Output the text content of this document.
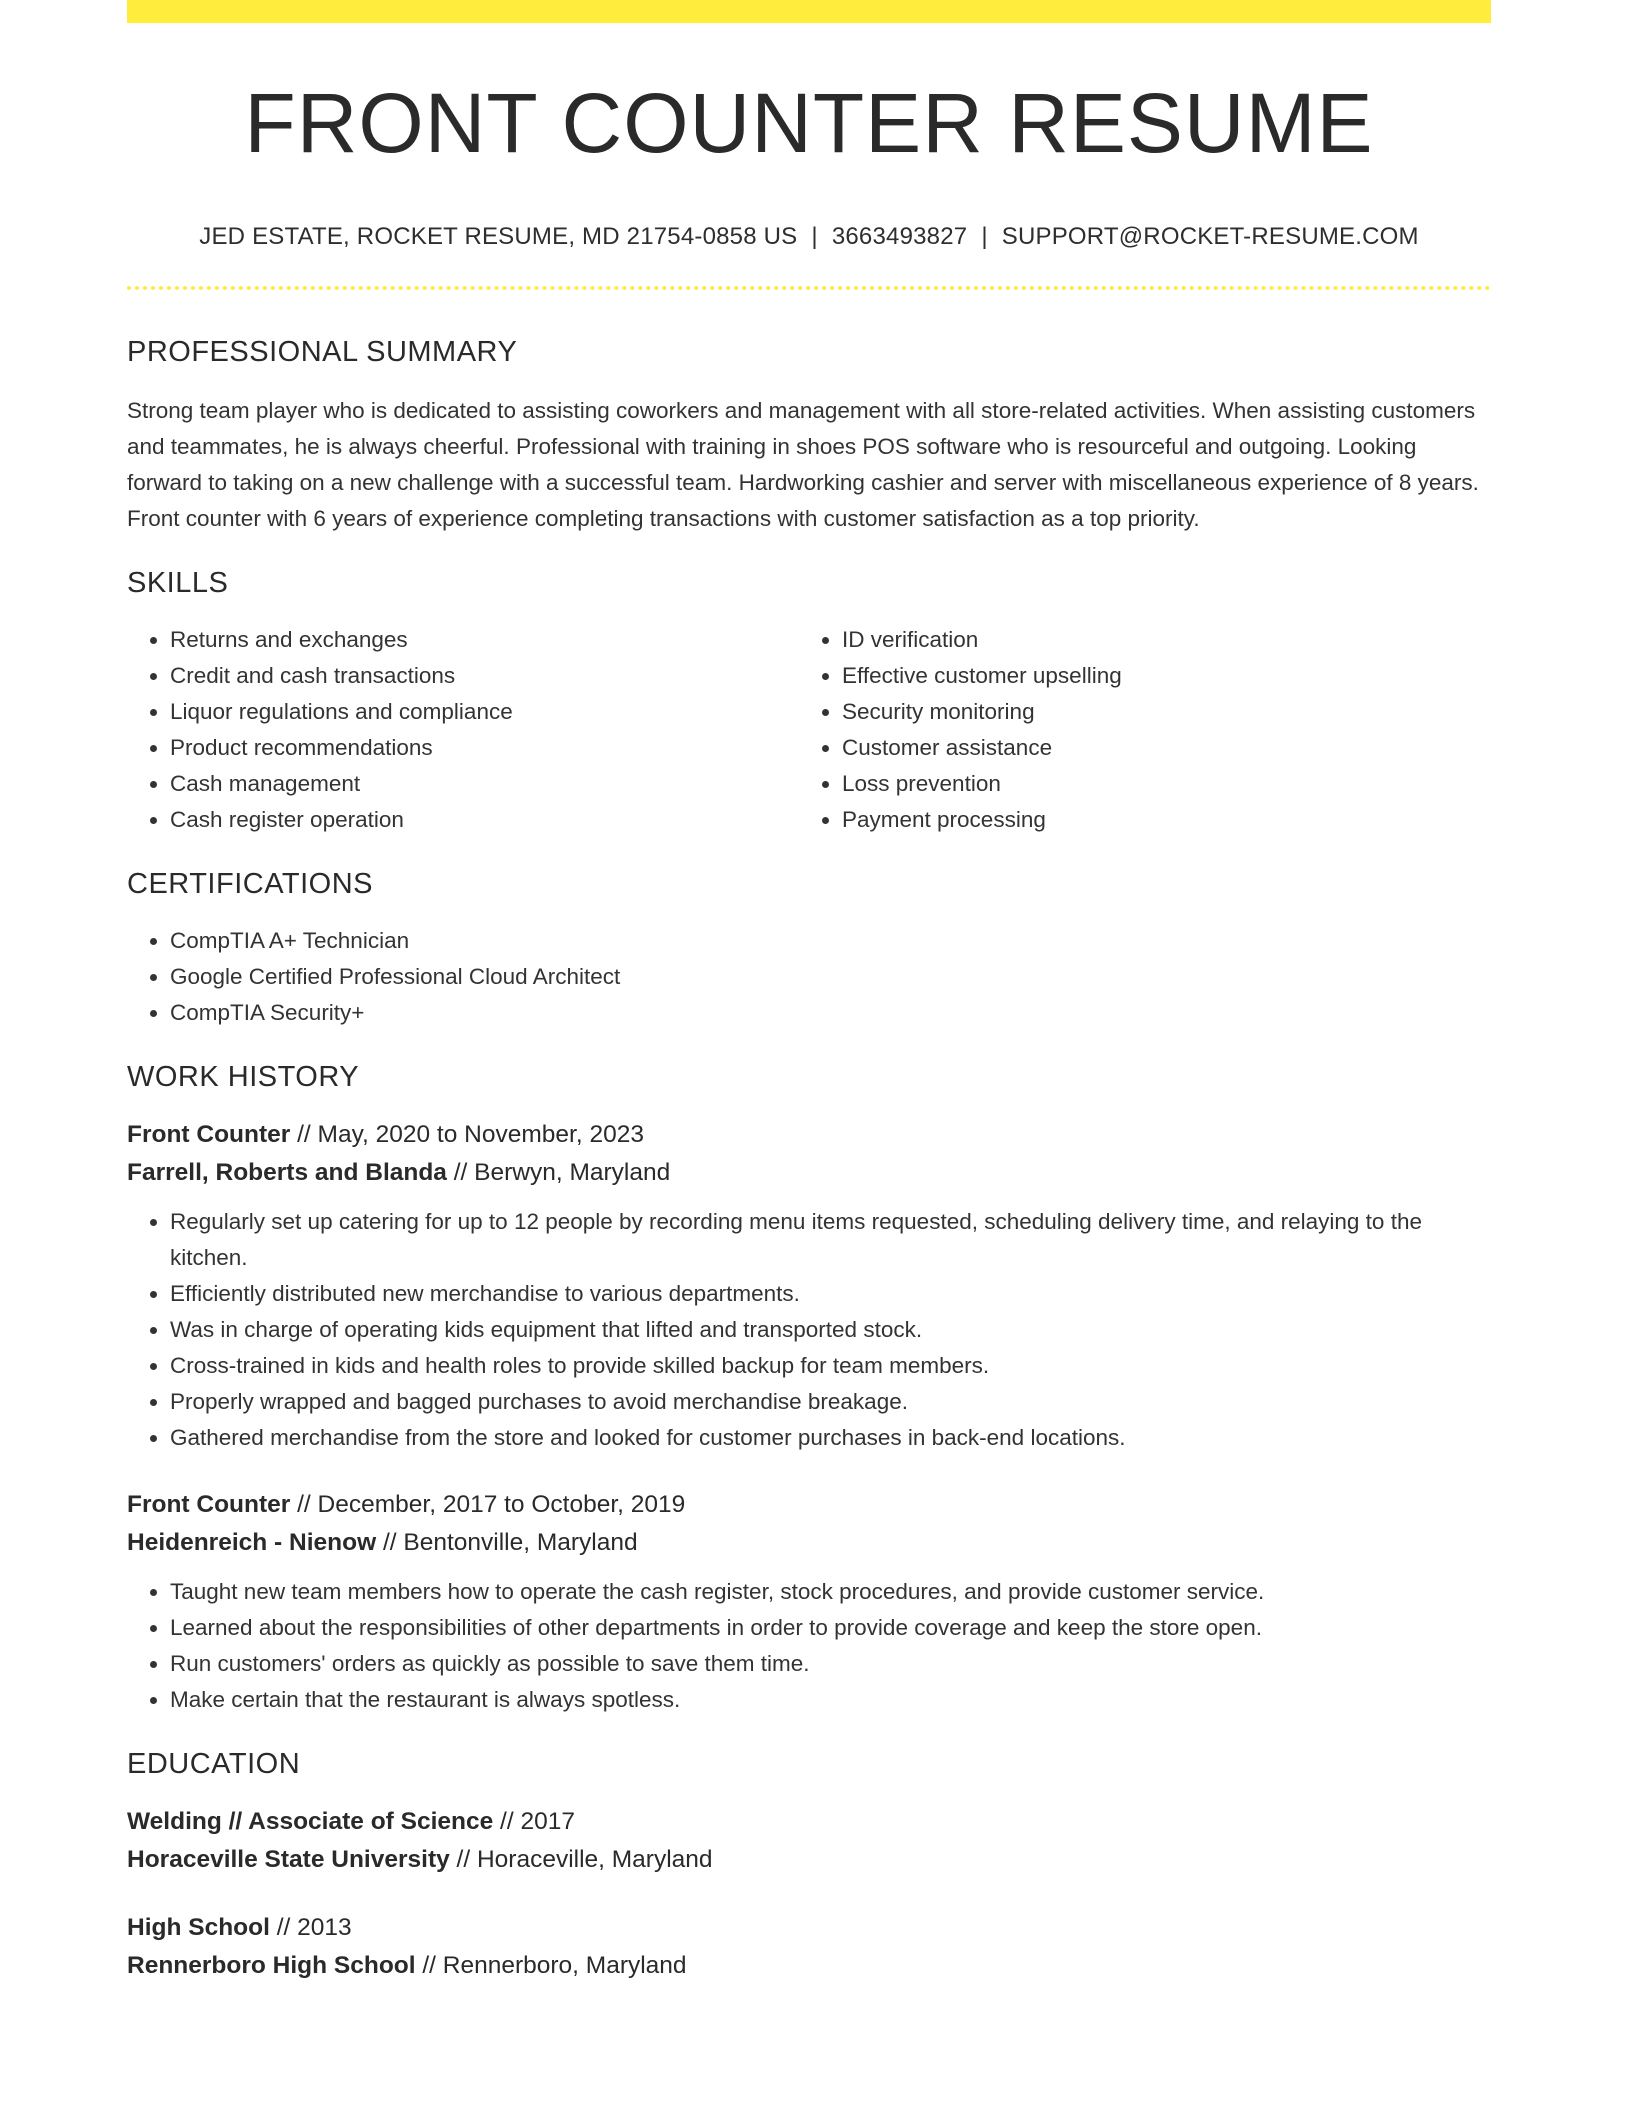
FRONT COUNTER RESUME
JED ESTATE, ROCKET RESUME, MD 21754-0858 US | 3663493827 | SUPPORT@ROCKET-RESUME.COM
PROFESSIONAL SUMMARY
Strong team player who is dedicated to assisting coworkers and management with all store-related activities. When assisting customers and teammates, he is always cheerful. Professional with training in shoes POS software who is resourceful and outgoing. Looking forward to taking on a new challenge with a successful team. Hardworking cashier and server with miscellaneous experience of 8 years. Front counter with 6 years of experience completing transactions with customer satisfaction as a top priority.
SKILLS
• Returns and exchanges
• Credit and cash transactions
• Liquor regulations and compliance
• Product recommendations
• Cash management
• Cash register operation
• ID verification
• Effective customer upselling
• Security monitoring
• Customer assistance
• Loss prevention
• Payment processing
CERTIFICATIONS
• CompTIA A+ Technician
• Google Certified Professional Cloud Architect
• CompTIA Security+
WORK HISTORY
Front Counter // May, 2020 to November, 2023
Farrell, Roberts and Blanda // Berwyn, Maryland
• Regularly set up catering for up to 12 people by recording menu items requested, scheduling delivery time, and relaying to the kitchen.
• Efficiently distributed new merchandise to various departments.
• Was in charge of operating kids equipment that lifted and transported stock.
• Cross-trained in kids and health roles to provide skilled backup for team members.
• Properly wrapped and bagged purchases to avoid merchandise breakage.
• Gathered merchandise from the store and looked for customer purchases in back-end locations.
Front Counter // December, 2017 to October, 2019
Heidenreich - Nienow // Bentonville, Maryland
• Taught new team members how to operate the cash register, stock procedures, and provide customer service.
• Learned about the responsibilities of other departments in order to provide coverage and keep the store open.
• Run customers' orders as quickly as possible to save them time.
• Make certain that the restaurant is always spotless.
EDUCATION
Welding // Associate of Science // 2017
Horaceville State University // Horaceville, Maryland
High School // 2013
Rennerboro High School // Rennerboro, Maryland
